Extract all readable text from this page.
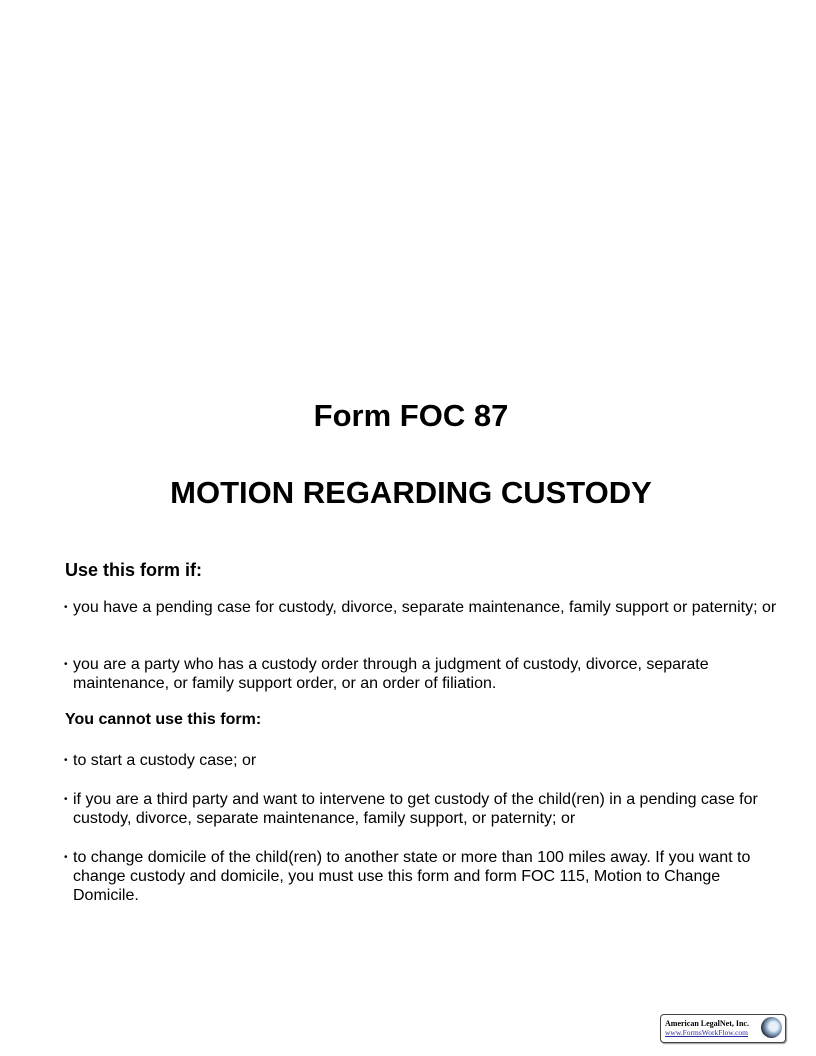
Form FOC 87
MOTION REGARDING CUSTODY
Use this form if:
• you have a pending case for custody, divorce, separate maintenance, family support or paternity; or
• you are a party who has a custody order through a judgment of custody, divorce, separate maintenance, or family support order, or an order of filiation.
You cannot use this form:
• to start a custody case; or
• if you are a third party and want to intervene to get custody of the child(ren) in a pending case for custody, divorce, separate maintenance, family support, or paternity; or
• to change domicile of the child(ren) to another state or more than 100 miles away. If you want to change custody and domicile, you must use this form and form FOC 115, Motion to Change Domicile.
American LegalNet, Inc.
www.FormsWorkFlow.com
